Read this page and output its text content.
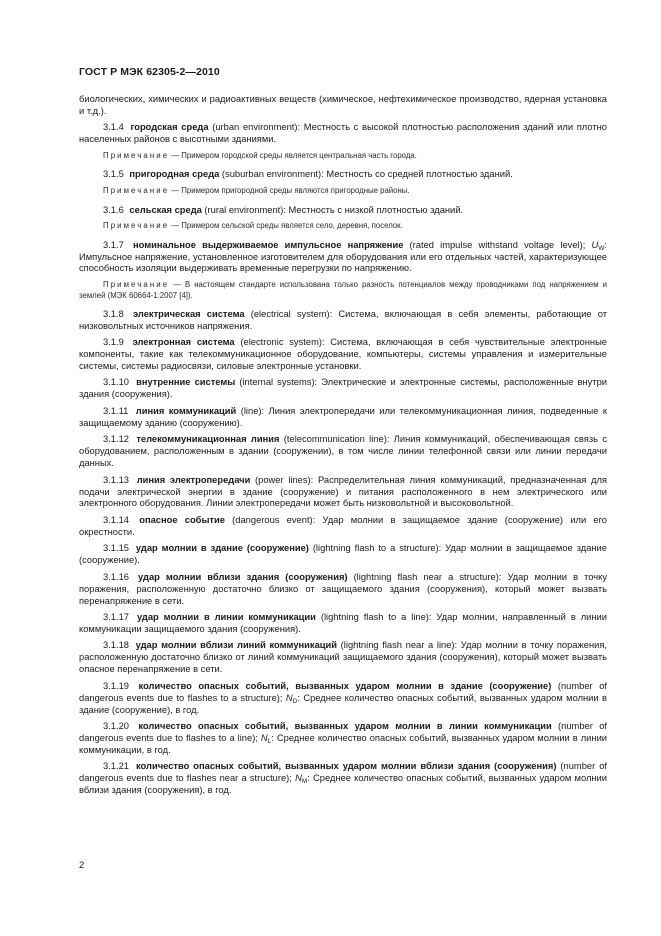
ГОСТ Р МЭК 62305-2—2010

биологических, химических и радиоактивных веществ (химическое, нефтехимическое производство, ядерная установка и т.д.).

3.1.4 городская среда (urban environment): Местность с высокой плотностью расположения зданий или плотно населенных районов с высотными зданиями.

Примечание — Примером городской среды является центральная часть города.

3.1.5 пригородная среда (suburban environment): Местность со средней плотностью зданий.

Примечание — Примером пригородной среды являются пригородные районы.

3.1.6 сельская среда (rural environment): Местность с низкой плотностью зданий.

Примечание — Примером сельской среды является село, деревня, поселок.

3.1.7 номинальное выдерживаемое импульсное напряжение (rated impulse withstand voltage level); $U_W$: Импульсное напряжение, установленное изготовителем для оборудования или его отдельных частей, характеризующее способность изоляции выдерживать временные перегрузки по напряжению.

Примечание — В настоящем стандарте использована только разность потенциалов между проводниками под напряжением и землей (МЭК 60664-1:2007 [4]).

3.1.8 электрическая система (electrical system): Система, включающая в себя элементы, работающие от низковольтных источников напряжения.

3.1.9 электронная система (electronic system): Система, включающая в себя чувствительные электронные компоненты, такие как телекоммуникационное оборудование, компьютеры, системы управления и измерительные системы, системы радиосвязи, силовые электронные установки.

3.1.10 внутренние системы (internal systems): Электрические и электронные системы, расположенные внутри здания (сооружения).

3.1.11 линия коммуникаций (line): Линия электропередачи или телекоммуникационная линия, подведенные к защищаемому зданию (сооружению).

3.1.12 телекоммуникационная линия (telecommunication line): Линия коммуникаций, обеспечивающая связь с оборудованием, расположенным в здании (сооружении), в том числе линии телефонной связи или линии передачи данных.

3.1.13 линия электропередачи (power lines): Распределительная линия коммуникаций, предназначенная для подачи электрической энергии в здание (сооружение) и питания расположенного в нем электрического или электронного оборудования. Линии электропередачи может быть низковольтной и высоковольтной.

3.1.14 опасное событие (dangerous event): Удар молнии в защищаемое здание (сооружение) или его окрестности.

3.1.15 удар молнии в здание (сооружение) (lightning flash to a structure): Удар молнии в защищаемое здание (сооружение).

3.1.16 удар молнии вблизи здания (сооружения) (lightning flash near a structure): Удар молнии в точку поражения, расположенную достаточно близко от защищаемого здания (сооружения), который может вызвать перенапряжение в сети.

3.1.17 удар молнии в линии коммуникации (lightning flash to a line): Удар молнии, направленный в линии коммуникации защищаемого здания (сооружения).

3.1.18 удар молнии вблизи линий коммуникаций (lightning flash near a line): Удар молнии в точку поражения, расположенную достаточно близко от линий коммуникаций защищаемого здания (сооружения), который может вызвать опасное перенапряжение в сети.

3.1.19 количество опасных событий, вызванных ударом молнии в здание (сооружение) (number of dangerous events due to flashes to a structure); $N_D$: Среднее количество опасных событий, вызванных ударом молнии в здание (сооружение), в год.

3.1.20 количество опасных событий, вызванных ударом молнии в линии коммуникации (number of dangerous events due to flashes to a line); $N_L$: Среднее количество опасных событий, вызванных ударом молнии в линии коммуникации, в год.

3.1.21 количество опасных событий, вызванных ударом молнии вблизи здания (сооружения) (number of dangerous events due to flashes near a structure); $N_M$: Среднее количество опасных событий, вызванных ударом молнии вблизи здания (сооружения), в год.

2
